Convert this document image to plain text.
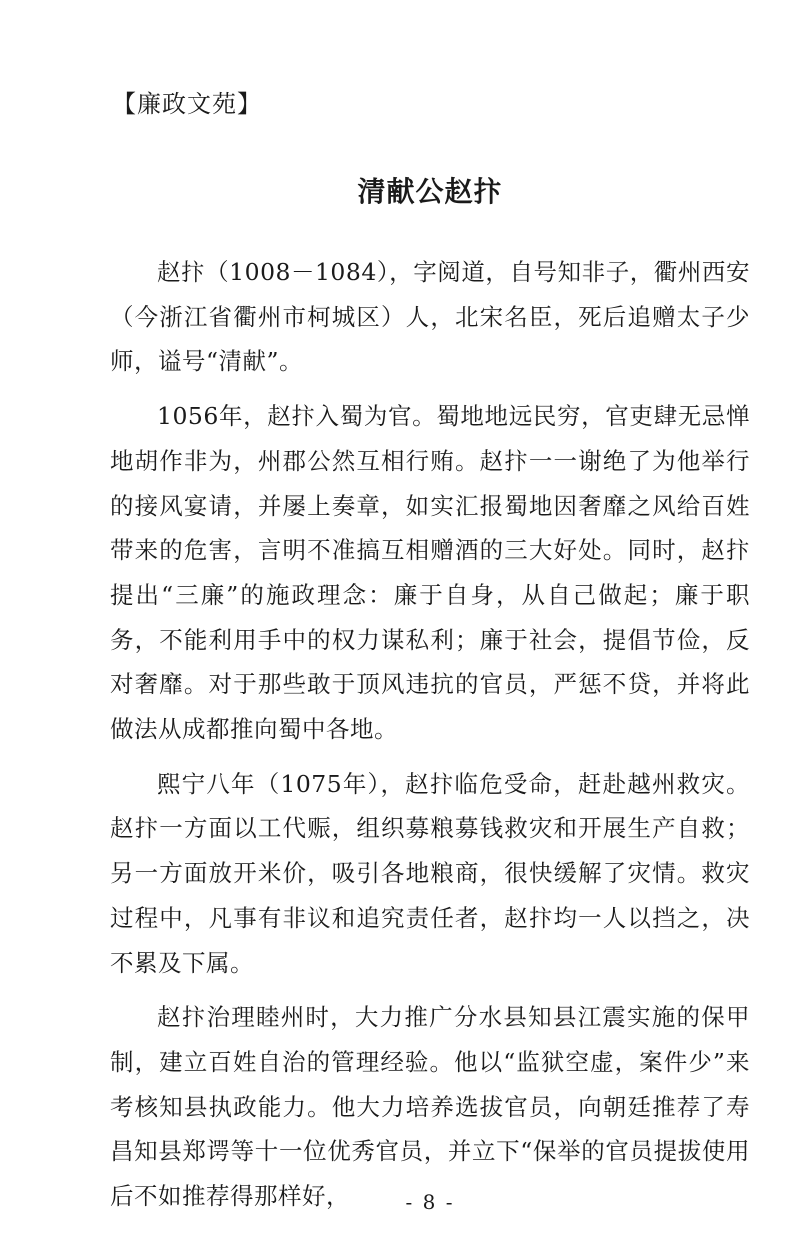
【廉政文苑】
清献公赵抃

赵抃（1008－1084），字阅道，自号知非子，衢州西安（今浙江省衢州市柯城区）人，北宋名臣，死后追赠太子少师，谥号“清献”。

1056年，赵抃入蜀为官。蜀地地远民穷，官吏肆无忌惮地胡作非为，州郡公然互相行贿。赵抃一一谢绝了为他举行的接风宴请，并屡上奏章，如实汇报蜀地因奢靡之风给百姓带来的危害，言明不准搞互相赠酒的三大好处。同时，赵抃提出“三廉”的施政理念：廉于自身，从自己做起；廉于职务，不能利用手中的权力谋私利；廉于社会，提倡节俭，反对奢靡。对于那些敢于顶风违抗的官员，严惩不贷，并将此做法从成都推向蜀中各地。

熙宁八年（1075年），赵抃临危受命，赶赴越州救灾。赵抃一方面以工代赈，组织募粮募钱救灾和开展生产自救；另一方面放开米价，吸引各地粮商，很快缓解了灾情。救灾过程中，凡事有非议和追究责任者，赵抃均一人以挡之，决不累及下属。

赵抃治理睦州时，大力推广分水县知县江震实施的保甲制，建立百姓自治的管理经验。他以“监狱空虚，案件少”来考核知县执政能力。他大力培养选拔官员，向朝廷推荐了寿昌知县郑谔等十一位优秀官员，并立下“保举的官员提拔使用后不如推荐得那样好，	- 8 -
